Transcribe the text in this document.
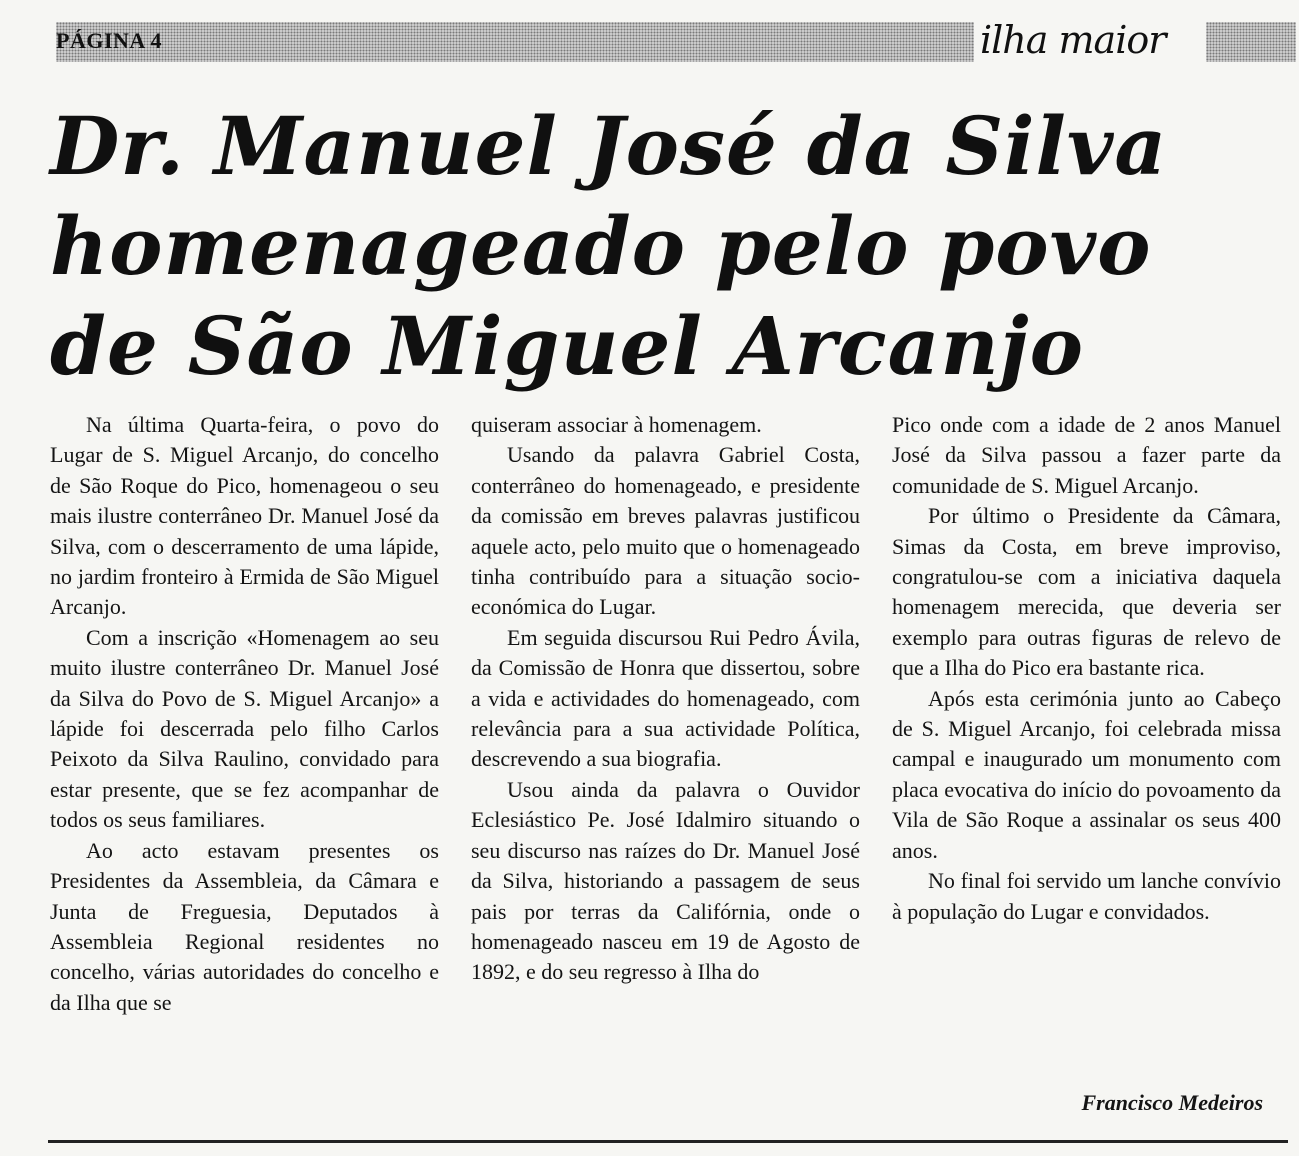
PÁGINA 4	ilha maior
Dr. Manuel José da Silva
homenageado pelo povo
de São Miguel Arcanjo

Na última Quarta-feira, o povo do Lugar de S. Miguel Arcanjo, do concelho de São Roque do Pico, homenageou o seu mais ilustre conterrâneo Dr. Manuel José da Silva, com o descerramento de uma lápide, no jardim fronteiro à Ermida de São Miguel Arcanjo.

Com a inscrição «Homenagem ao seu muito ilustre conterrâneo Dr. Manuel José da Silva do Povo de S. Miguel Arcanjo» a lápide foi descerrada pelo filho Carlos Peixoto da Silva Raulino, convidado para estar presente, que se fez acompanhar de todos os seus familiares.

Ao acto estavam presentes os Presidentes da Assembleia, da Câmara e Junta de Freguesia, Deputados à Assembleia Regional residentes no concelho, várias autoridades do concelho e da Ilha que se

quiseram associar à homenagem.

Usando da palavra Gabriel Costa, conterrâneo do homenageado, e presidente da comissão em breves palavras justificou aquele acto, pelo muito que o homenageado tinha contribuído para a situação socio-económica do Lugar.

Em seguida discursou Rui Pedro Ávila, da Comissão de Honra que dissertou, sobre a vida e actividades do homenageado, com relevância para a sua actividade Política, descrevendo a sua biografia.

Usou ainda da palavra o Ouvidor Eclesiástico Pe. José Idalmiro situando o seu discurso nas raízes do Dr. Manuel José da Silva, historiando a passagem de seus pais por terras da Califórnia, onde o homenageado nasceu em 19 de Agosto de 1892, e do seu regresso à Ilha do

Pico onde com a idade de 2 anos Manuel José da Silva passou a fazer parte da comunidade de S. Miguel Arcanjo.

Por último o Presidente da Câmara, Simas da Costa, em breve improviso, congratulou-se com a iniciativa daquela homenagem merecida, que deveria ser exemplo para outras figuras de relevo de que a Ilha do Pico era bastante rica.

Após esta cerimónia junto ao Cabeço de S. Miguel Arcanjo, foi celebrada missa campal e inaugurado um monumento com placa evocativa do início do povoamento da Vila de São Roque a assinalar os seus 400 anos.

No final foi servido um lanche convívio à população do Lugar e convidados.

Francisco Medeiros
